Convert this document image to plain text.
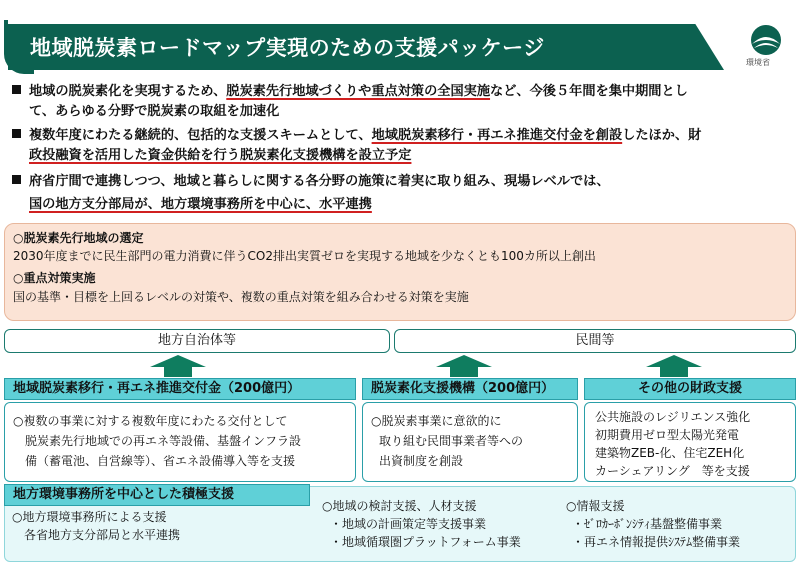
地域脱炭素ロードマップ実現のための支援パッケージ
環境省
地域の脱炭素化を実現するため、脱炭素先行地域づくりや重点対策の全国実施など、今後５年間を集中期間とし
て、あらゆる分野で脱炭素の取組を加速化
複数年度にわたる継続的、包括的な支援スキームとして、地域脱炭素移行・再エネ推進交付金を創設したほか、財
政投融資を活用した資金供給を行う脱炭素化支援機構を設立予定
府省庁間で連携しつつ、地域と暮らしに関する各分野の施策に着実に取り組み、現場レベルでは、
国の地方支分部局が、地方環境事務所を中心に、水平連携
○脱炭素先行地域の選定
2030年度までに民生部門の電力消費に伴うCO2排出実質ゼロを実現する地域を少なくとも100カ所以上創出
○重点対策実施
国の基準・目標を上回るレベルの対策や、複数の重点対策を組み合わせる対策を実施
地方自治体等	民間等
地域脱炭素移行・再エネ推進交付金（200億円）	脱炭素化支援機構（200億円）	その他の財政支援
○複数の事業に対する複数年度にわたる交付として
脱炭素先行地域での再エネ等設備、基盤インフラ設
備（蓄電池、自営線等）、省エネ設備導入等を支援
○脱炭素事業に意欲的に
取り組む民間事業者等への
出資制度を創設
公共施設のレジリエンス強化
初期費用ゼロ型太陽光発電
建築物ZEB-化、住宅ZEH化
カーシェアリング　等を支援
地方環境事務所を中心とした積極支援
○地方環境事務所による支援
各省地方支分部局と水平連携
○地域の検討支援、人材支援
・地域の計画策定等支援事業
・地域循環圏プラットフォーム事業
○情報支援
・ｾﾞﾛｶｰﾎﾞﾝｼﾃｨ基盤整備事業
・再エネ情報提供ｼｽﾃﾑ整備事業
